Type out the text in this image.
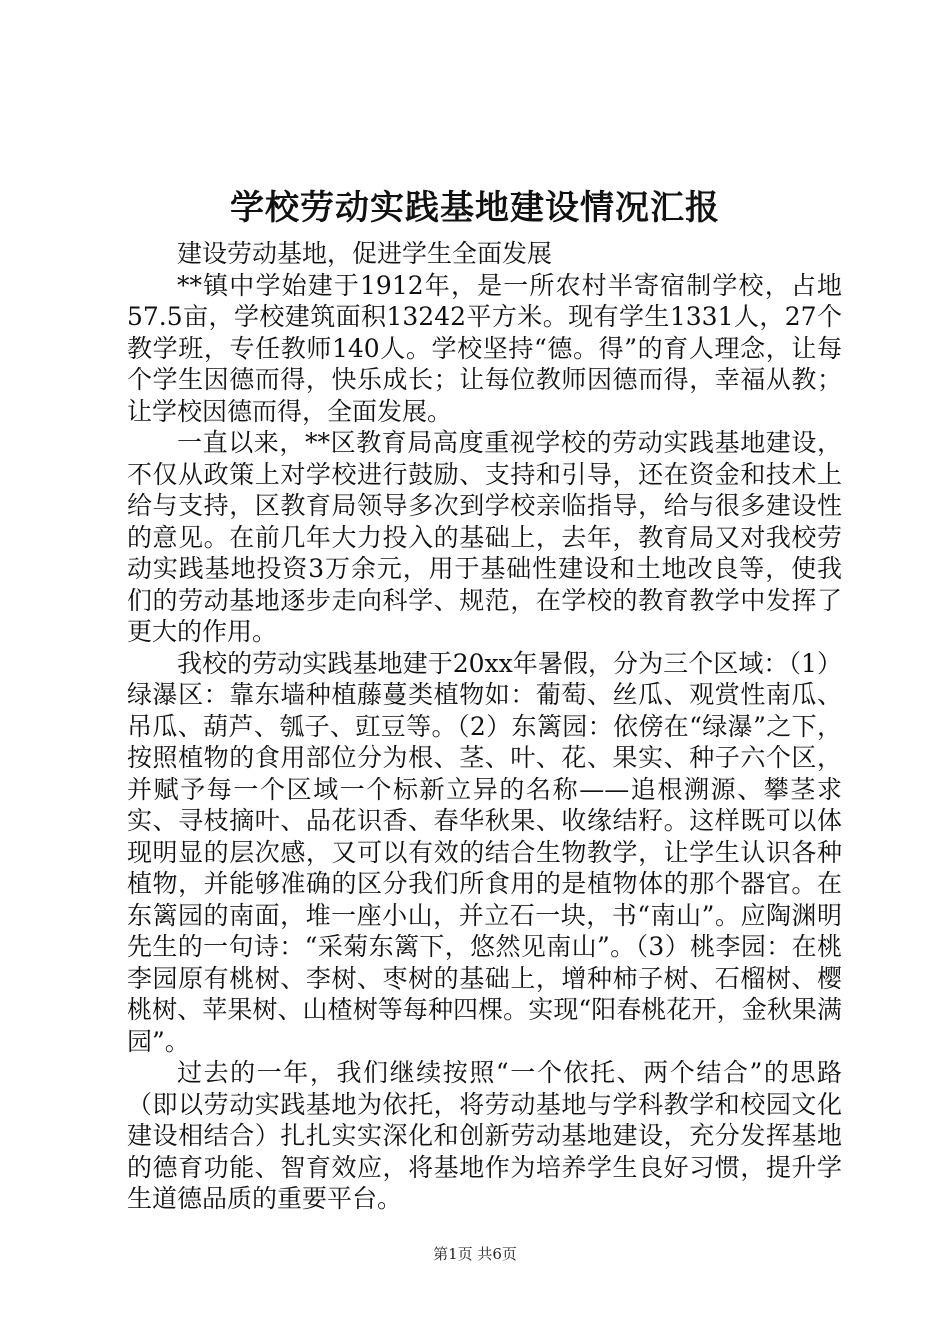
学校劳动实践基地建设情况汇报

建设劳动基地，促进学生全面发展

**镇中学始建于1912年，是一所农村半寄宿制学校，占地57.5亩，学校建筑面积13242平方米。现有学生1331人，27个教学班，专任教师140人。学校坚持“德。得”的育人理念，让每个学生因德而得，快乐成长；让每位教师因德而得，幸福从教；让学校因德而得，全面发展。

一直以来，**区教育局高度重视学校的劳动实践基地建设，不仅从政策上对学校进行鼓励、支持和引导，还在资金和技术上给与支持，区教育局领导多次到学校亲临指导，给与很多建设性的意见。在前几年大力投入的基础上，去年，教育局又对我校劳动实践基地投资3万余元，用于基础性建设和土地改良等，使我们的劳动基地逐步走向科学、规范，在学校的教育教学中发挥了更大的作用。

我校的劳动实践基地建于20xx年暑假，分为三个区域：（1）绿瀑区：靠东墙种植藤蔓类植物如：葡萄、丝瓜、观赏性南瓜、吊瓜、葫芦、瓠子、豇豆等。（2）东篱园：依傍在“绿瀑”之下，按照植物的食用部位分为根、茎、叶、花、果实、种子六个区，并赋予每一个区域一个标新立异的名称——追根溯源、攀茎求实、寻枝摘叶、品花识香、春华秋果、收缘结籽。这样既可以体现明显的层次感，又可以有效的结合生物教学，让学生认识各种植物，并能够准确的区分我们所食用的是植物体的那个器官。在东篱园的南面，堆一座小山，并立石一块，书“南山”。应陶渊明先生的一句诗：“采菊东篱下，悠然见南山”。（3）桃李园：在桃李园原有桃树、李树、枣树的基础上，增种柿子树、石榴树、樱桃树、苹果树、山楂树等每种四棵。实现“阳春桃花开，金秋果满园”。

过去的一年，我们继续按照“一个依托、两个结合”的思路（即以劳动实践基地为依托，将劳动基地与学科教学和校园文化建设相结合）扎扎实实深化和创新劳动基地建设，充分发挥基地的德育功能、智育效应，将基地作为培养学生良好习惯，提升学生道德品质的重要平台。

第1页 共6页
